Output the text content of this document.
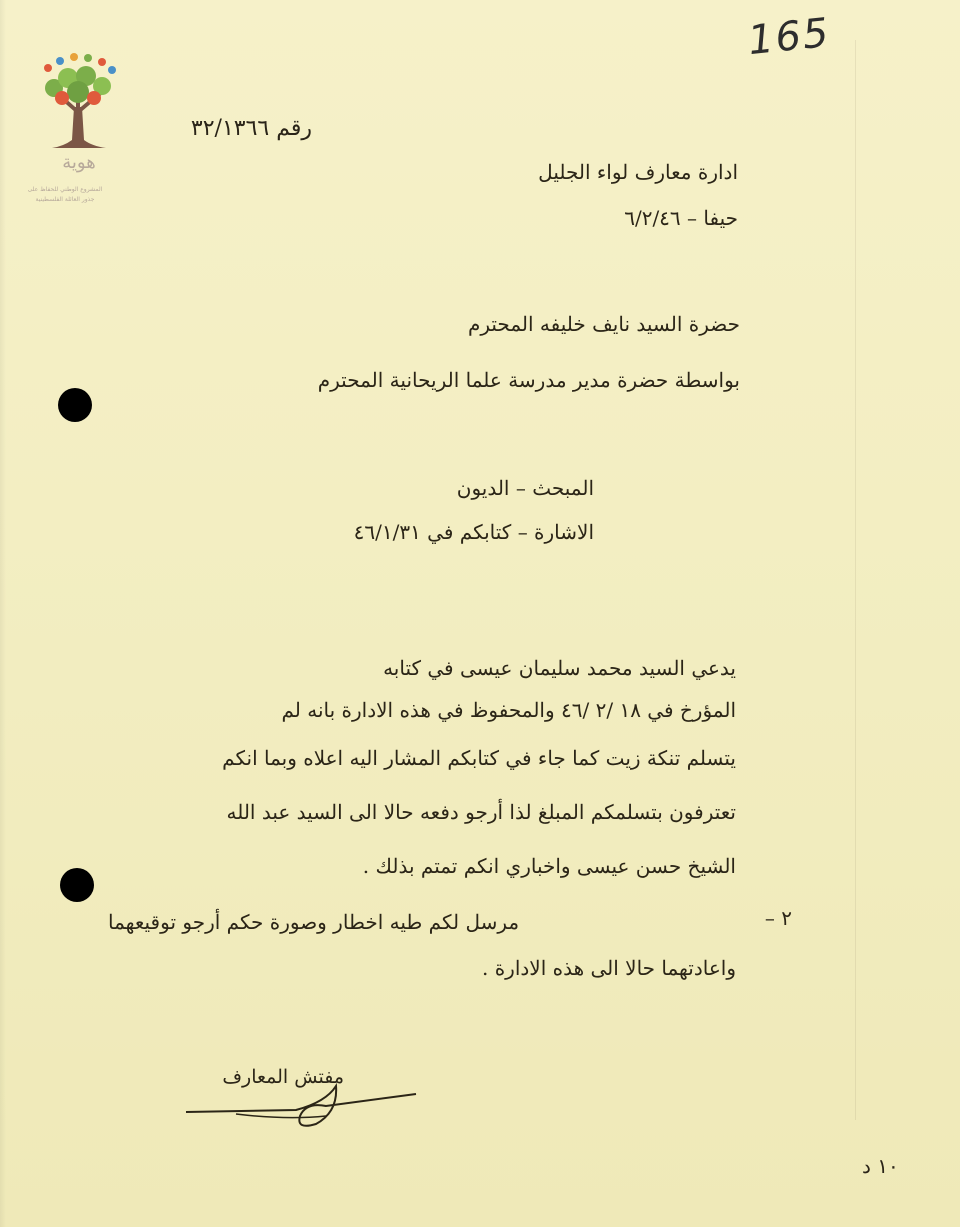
هوية
المشروع الوطني للحفاظ على
جذور العائلة الفلسطينية
165
رقم ٣٢/١٣٦٦
ادارة معارف لواء الجليل
حيفا – ٦/٢/٤٦
حضرة السيد نايف خليفه المحترم
بواسطة حضرة مدير مدرسة علما الريحانية المحترم
المبحث – الديون
الاشارة – كتابكم في ٤٦/١/٣١
يدعي السيد محمد سليمان عيسى في كتابه
المؤرخ في ١٨ /٢ /٤٦ والمحفوظ في هذه الادارة بانه لم
يتسلم تنكة زيت كما جاء في كتابكم المشار اليه اعلاه وبما انكم
تعترفون بتسلمكم المبلغ لذا أرجو دفعه حالا الى السيد عبد الله
الشيخ حسن عيسى واخباري انكم تمتم بذلك .
٢ –
مرسل لكم طيه اخطار وصورة حكم أرجو توقيعهما
واعادتهما حالا الى هذه الادارة .
مفتش المعارف
١٠ د
